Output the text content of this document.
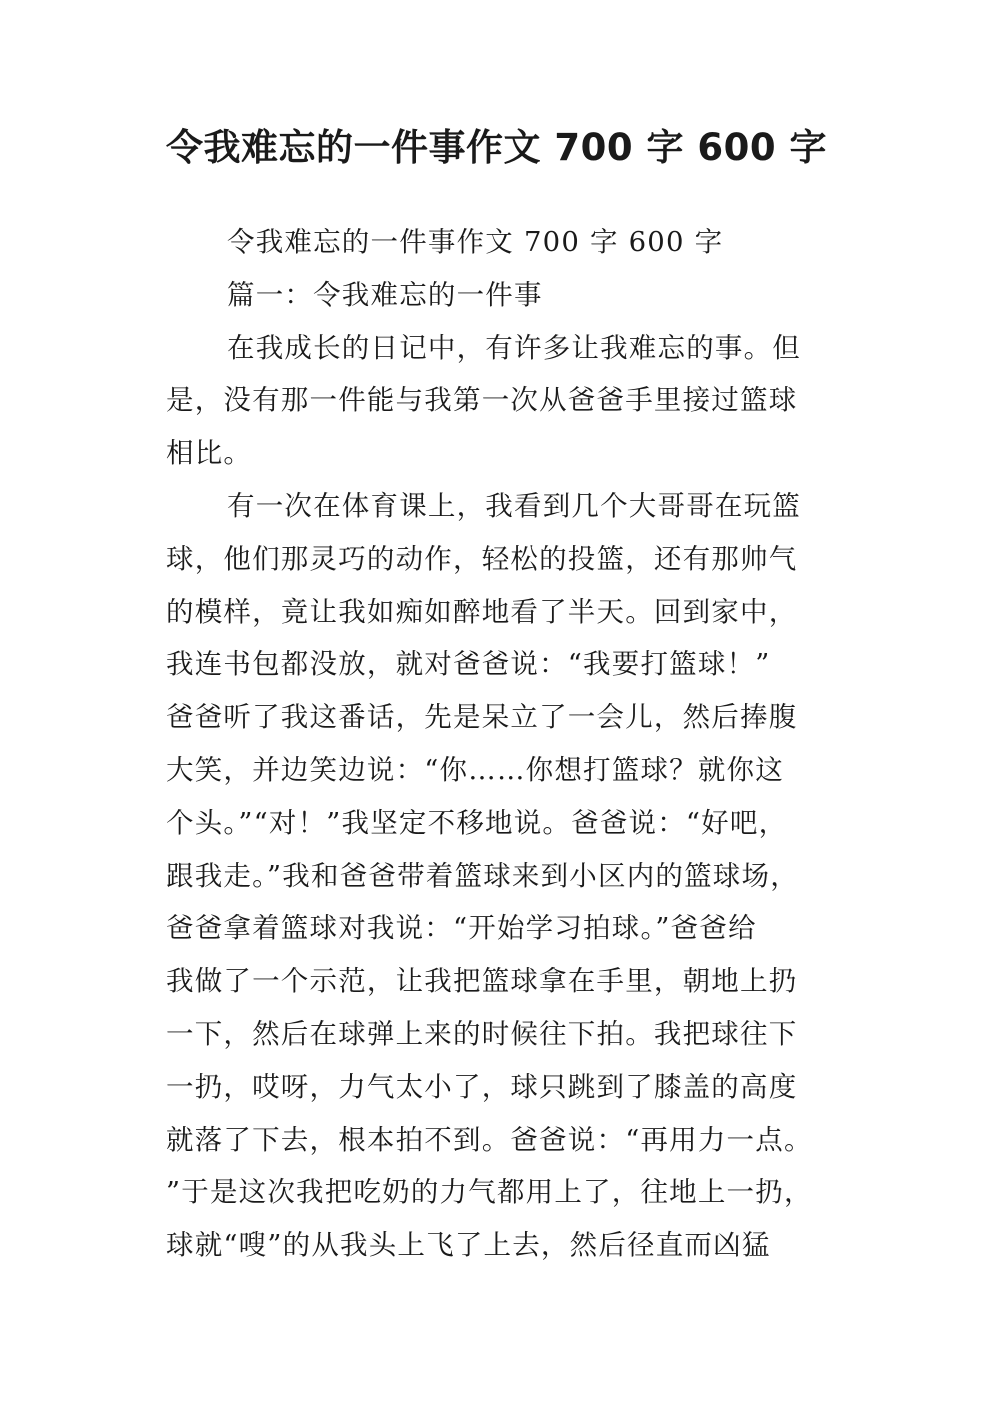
令我难忘的一件事作文 700 字 600 字
令我难忘的一件事作文 700 字 600 字
篇一：令我难忘的一件事
在我成长的日记中，有许多让我难忘的事。但
是，没有那一件能与我第一次从爸爸手里接过篮球
相比。
有一次在体育课上，我看到几个大哥哥在玩篮
球，他们那灵巧的动作，轻松的投篮，还有那帅气
的模样，竟让我如痴如醉地看了半天。回到家中，
我连书包都没放，就对爸爸说：“我要打篮球！”
爸爸听了我这番话，先是呆立了一会儿，然后捧腹
大笑，并边笑边说：“你……你想打篮球？就你这
个头。”“对！”我坚定不移地说。爸爸说：“好吧，
跟我走。”我和爸爸带着篮球来到小区内的篮球场，
爸爸拿着篮球对我说：“开始学习拍球。”爸爸给
我做了一个示范，让我把篮球拿在手里，朝地上扔
一下，然后在球弹上来的时候往下拍。我把球往下
一扔，哎呀，力气太小了，球只跳到了膝盖的高度
就落了下去，根本拍不到。爸爸说：“再用力一点。
”于是这次我把吃奶的力气都用上了，往地上一扔，
球就“嗖”的从我头上飞了上去，然后径直而凶猛
